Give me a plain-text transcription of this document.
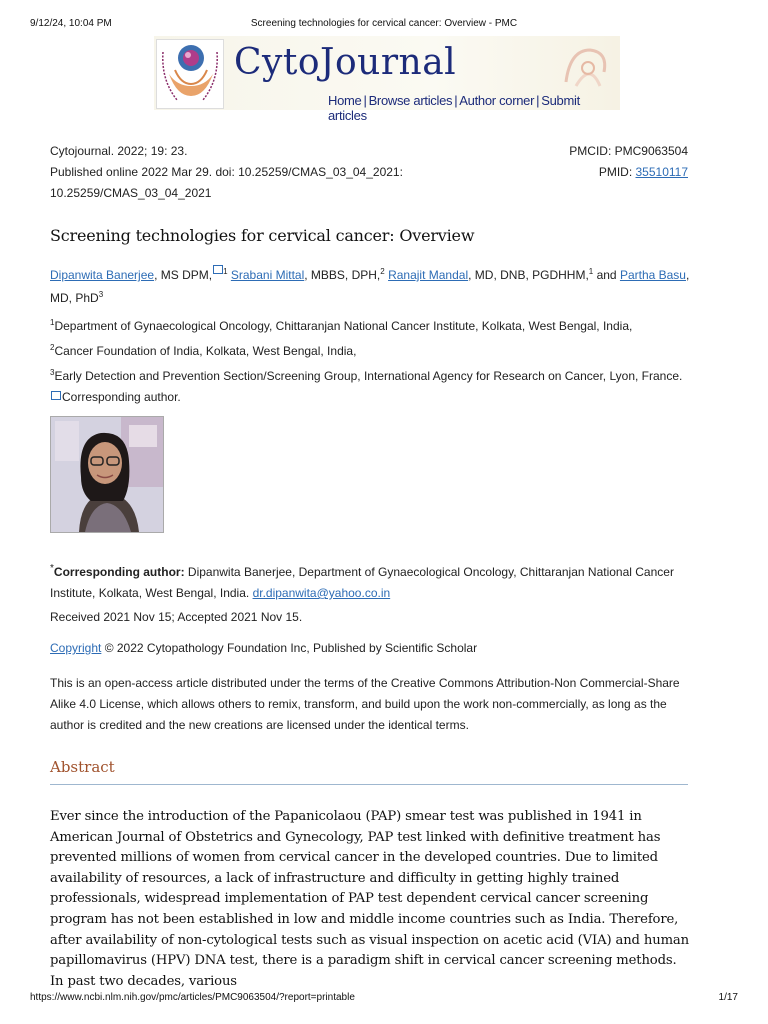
9/12/24, 10:04 PM	Screening technologies for cervical cancer: Overview - PMC
CytoJournal
Home | Browse articles | Author corner | Submit articles
Cytojournal. 2022; 19: 23.
Published online 2022 Mar 29. doi: 10.25259/CMAS_03_04_2021:
10.25259/CMAS_03_04_2021
PMCID: PMC9063504
PMID: 35510117
Screening technologies for cervical cancer: Overview
Dipanwita Banerjee, MS DPM, $^1$ Srabani Mittal, MBBS, DPH,$^2$ Ranajit Mandal, MD, DNB, PGDHHM,$^1$ and Partha Basu,
MD, PhD$^3$
$^1$Department of Gynaecological Oncology, Chittaranjan National Cancer Institute, Kolkata, West Bengal, India,
$^2$Cancer Foundation of India, Kolkata, West Bengal, India,
$^3$Early Detection and Prevention Section/Screening Group, International Agency for Research on Cancer, Lyon, France.
Corresponding author.
*Corresponding author: Dipanwita Banerjee, Department of Gynaecological Oncology, Chittaranjan National Cancer Institute, Kolkata, West Bengal, India. dr.dipanwita@yahoo.co.in
Received 2021 Nov 15; Accepted 2021 Nov 15.
Copyright © 2022 Cytopathology Foundation Inc, Published by Scientific Scholar
This is an open-access article distributed under the terms of the Creative Commons Attribution-Non Commercial-Share Alike 4.0 License, which allows others to remix, transform, and build upon the work non-commercially, as long as the author is credited and the new creations are licensed under the identical terms.
Abstract
Ever since the introduction of the Papanicolaou (PAP) smear test was published in 1941 in American Journal of Obstetrics and Gynecology, PAP test linked with definitive treatment has prevented millions of women from cervical cancer in the developed countries. Due to limited availability of resources, a lack of infrastructure and difficulty in getting highly trained professionals, widespread implementation of PAP test dependent cervical cancer screening program has not been established in low and middle income countries such as India. Therefore, after availability of non-cytological tests such as visual inspection on acetic acid (VIA) and human papillomavirus (HPV) DNA test, there is a paradigm shift in cervical cancer screening methods. In past two decades, various
https://www.ncbi.nlm.nih.gov/pmc/articles/PMC9063504/?report=printable	1/17
